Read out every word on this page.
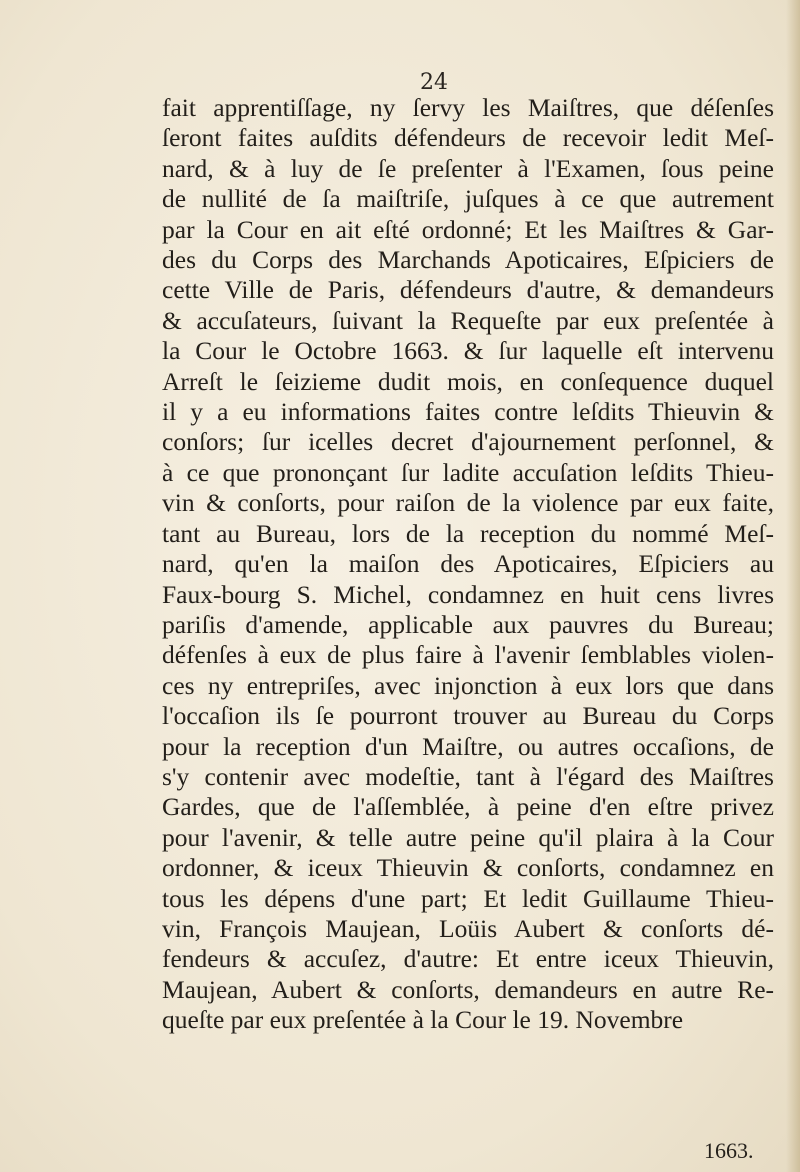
24
fait apprentiſſage, ny ſervy les Maiſtres, que déſenſes
ſeront faites auſdits défendeurs de recevoir ledit Meſ-
nard, & à luy de ſe preſenter à l'Examen, ſous peine
de nullité de ſa maiſtriſe, juſques à ce que autrement
par la Cour en ait eſté ordonné; Et les Maiſtres & Gar-
des du Corps des Marchands Apoticaires, Eſpiciers de
cette Ville de Paris, défendeurs d'autre, & demandeurs
& accuſateurs, ſuivant la Requeſte par eux preſentée à
la Cour le Octobre 1663. & ſur laquelle eſt intervenu
Arreſt le ſeizieme dudit mois, en conſequence duquel
il y a eu informations faites contre leſdits Thieuvin &
conſors; ſur icelles decret d'ajournement perſonnel, &
à ce que prononçant ſur ladite accuſation leſdits Thieu-
vin & conſorts, pour raiſon de la violence par eux faite,
tant au Bureau, lors de la reception du nommé Meſ-
nard, qu'en la maiſon des Apoticaires, Eſpiciers au
Faux-bourg S. Michel, condamnez en huit cens livres
pariſis d'amende, applicable aux pauvres du Bureau;
défenſes à eux de plus faire à l'avenir ſemblables violen-
ces ny entrepriſes, avec injonction à eux lors que dans
l'occaſion ils ſe pourront trouver au Bureau du Corps
pour la reception d'un Maiſtre, ou autres occaſions, de
s'y contenir avec modeſtie, tant à l'égard des Maiſtres
Gardes, que de l'aſſemblée, à peine d'en eſtre privez
pour l'avenir, & telle autre peine qu'il plaira à la Cour
ordonner, & iceux Thieuvin & conſorts, condamnez en
tous les dépens d'une part; Et ledit Guillaume Thieu-
vin, François Maujean, Loüis Aubert & conſorts dé-
fendeurs & accuſez, d'autre: Et entre iceux Thieuvin,
Maujean, Aubert & conſorts, demandeurs en autre Re-
queſte par eux preſentée à la Cour le 19. Novembre
1663.
